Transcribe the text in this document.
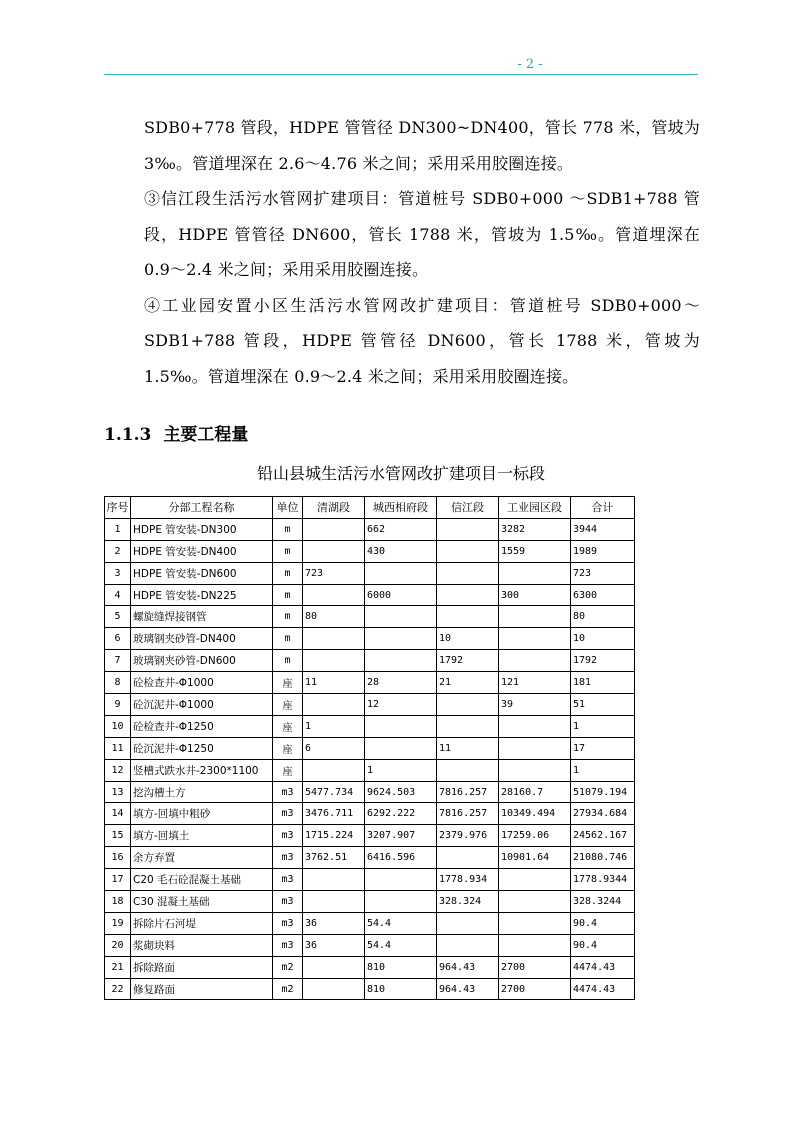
- 2 -

SDB0+778 管段，HDPE 管管径 DN300~DN400，管长 778 米，管坡为 3‰。管道埋深在 2.6～4.76 米之间；采用采用胶圈连接。

③信江段生活污水管网扩建项目：管道桩号 SDB0+000 ～SDB1+788 管段，HDPE 管管径 DN600，管长 1788 米，管坡为 1.5‰。管道埋深在 0.9～2.4 米之间；采用采用胶圈连接。

④工业园安置小区生活污水管网改扩建项目：管道桩号 SDB0+000～SDB1+788 管段，HDPE 管管径 DN600，管长 1788 米，管坡为 1.5‰。管道埋深在 0.9～2.4 米之间；采用采用胶圈连接。

1.1.3 主要工程量
铅山县城生活污水管网改扩建项目一标段
序号	分部工程名称	单位	清湖段	城西相府段	信江段	工业园区段	合计
1	HDPE 管安装-DN300	m		662		3282	3944
2	HDPE 管安装-DN400	m		430		1559	1989
3	HDPE 管安装-DN600	m	723				723
4	HDPE 管安装-DN225	m		6000		300	6300
5	螺旋缝焊接钢管	m	80				80
6	玻璃钢夹砂管-DN400	m			10		10
7	玻璃钢夹砂管-DN600	m			1792		1792
8	砼检查井-Φ1000	座	11	28	21	121	181
9	砼沉泥井-Φ1000	座		12		39	51
10	砼检查井-Φ1250	座	1				1
11	砼沉泥井-Φ1250	座	6		11		17
12	竖槽式跌水井-2300*1100	座		1			1
13	挖沟槽土方	m3	5477.734	9624.503	7816.257	28160.7	51079.194
14	填方-回填中粗砂	m3	3476.711	6292.222	7816.257	10349.494	27934.684
15	填方-回填土	m3	1715.224	3207.907	2379.976	17259.06	24562.167
16	余方弃置	m3	3762.51	6416.596		10901.64	21080.746
17	C20 毛石砼混凝土基础	m3			1778.934		1778.9344
18	C30 混凝土基础	m3			328.324		328.3244
19	拆除片石河堤	m3	36	54.4			90.4
20	浆砌块料	m3	36	54.4			90.4
21	拆除路面	m2		810	964.43	2700	4474.43
22	修复路面	m2		810	964.43	2700	4474.43
